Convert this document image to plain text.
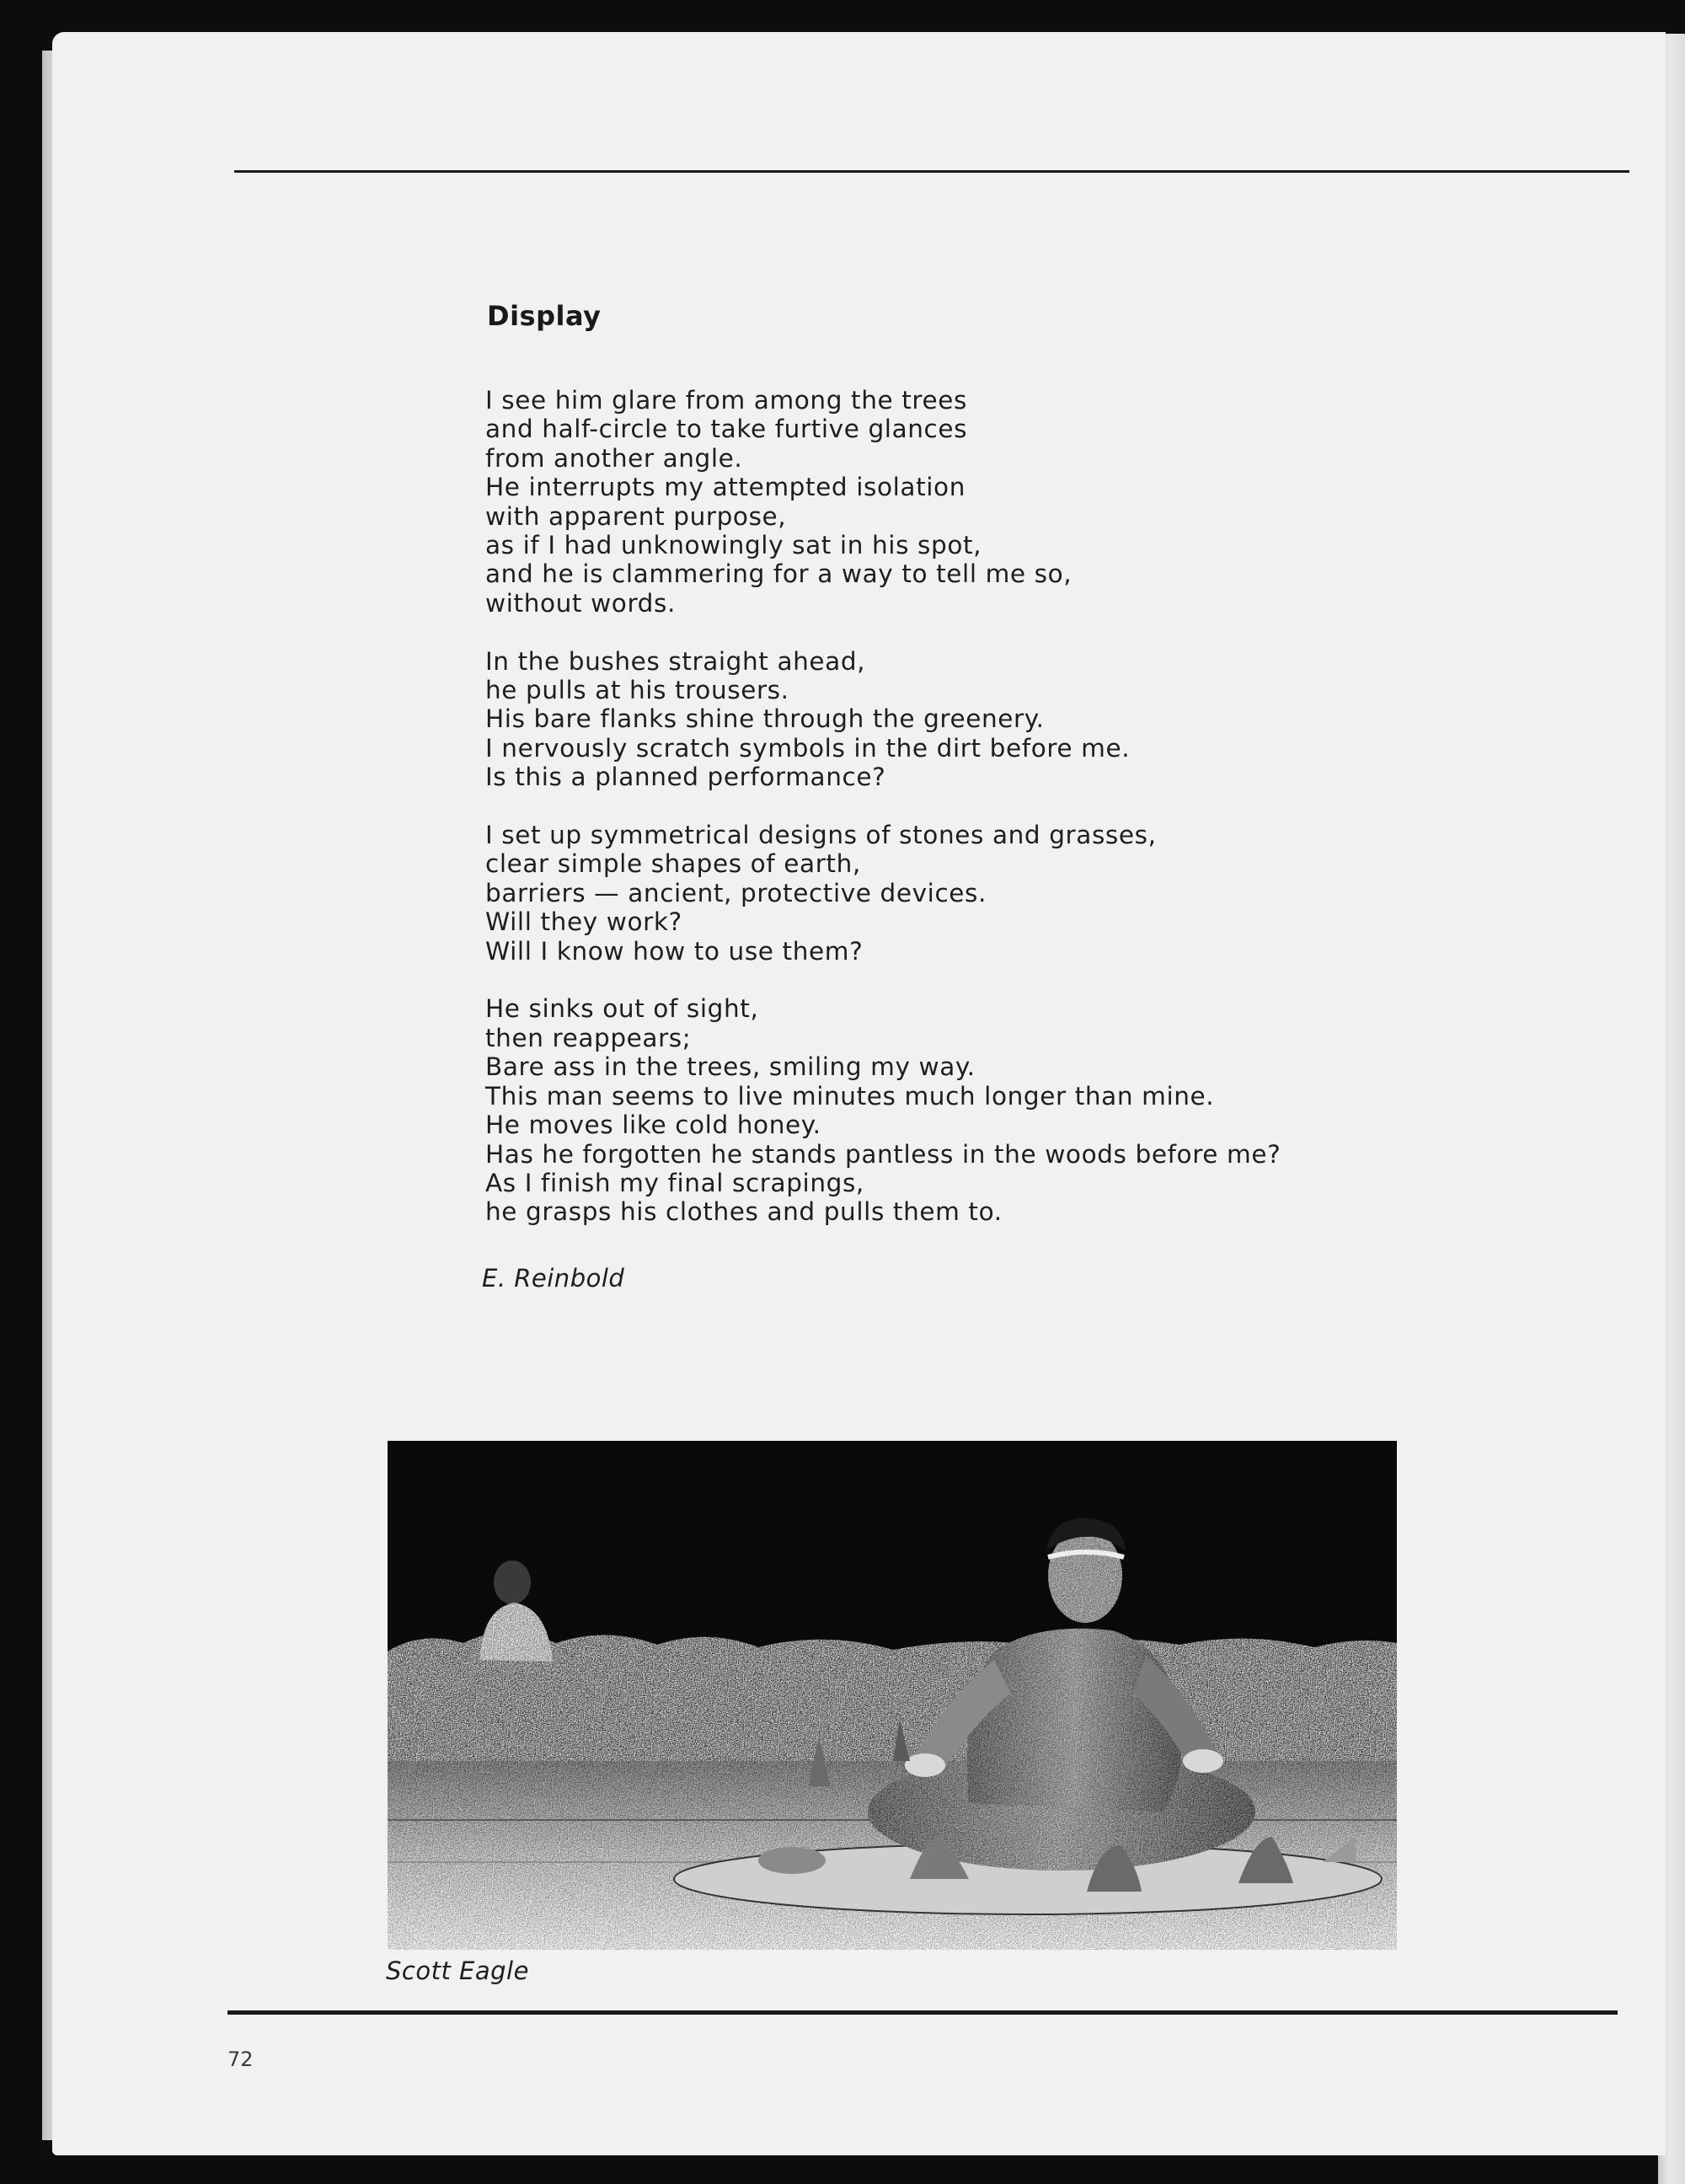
Display
I see him glare from among the trees
and half-circle to take furtive glances
from another angle.
He interrupts my attempted isolation
with apparent purpose,
as if I had unknowingly sat in his spot,
and he is clammering for a way to tell me so,
without words.
In the bushes straight ahead,
he pulls at his trousers.
His bare flanks shine through the greenery.
I nervously scratch symbols in the dirt before me.
Is this a planned performance?
I set up symmetrical designs of stones and grasses,
clear simple shapes of earth,
barriers — ancient, protective devices.
Will they work?
Will I know how to use them?
He sinks out of sight,
then reappears;
Bare ass in the trees, smiling my way.
This man seems to live minutes much longer than mine.
He moves like cold honey.
Has he forgotten he stands pantless in the woods before me?
As I finish my final scrapings,
he grasps his clothes and pulls them to.
E. Reinbold
Scott Eagle
72
